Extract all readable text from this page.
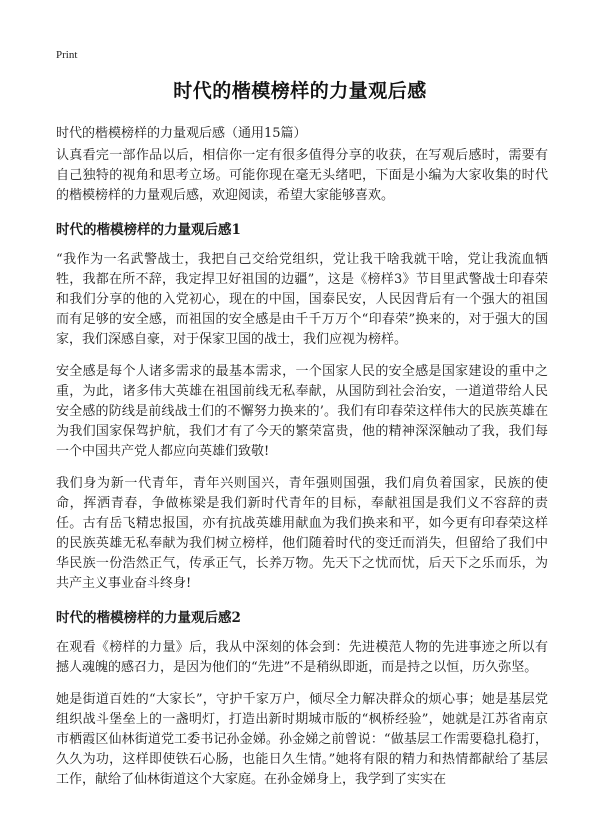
Print
时代的楷模榜样的力量观后感
时代的楷模榜样的力量观后感（通用15篇）

认真看完一部作品以后，相信你一定有很多值得分享的收获，在写观后感时，需要有自己独特的视角和思考立场。可能你现在毫无头绪吧，下面是小编为大家收集的时代的楷模榜样的力量观后感，欢迎阅读，希望大家能够喜欢。

时代的楷模榜样的力量观后感1

“我作为一名武警战士，我把自己交给党组织，党让我干啥我就干啥，党让我流血牺牲，我都在所不辞，我定捍卫好祖国的边疆”，这是《榜样3》节目里武警战士印春荣和我们分享的他的入党初心，现在的中国，国泰民安，人民因背后有一个强大的祖国而有足够的安全感，而祖国的安全感是由千千万万个“印春荣”换来的，对于强大的国家，我们深感自豪，对于保家卫国的战士，我们应视为榜样。

安全感是每个人诸多需求的最基本需求，一个国家人民的安全感是国家建设的重中之重，为此，诸多伟大英雄在祖国前线无私奉献，从国防到社会治安，一道道带给人民安全感的防线是前线战士们的不懈努力换来的’。我们有印春荣这样伟大的民族英雄在为我们国家保驾护航，我们才有了今天的繁荣富贵，他的精神深深触动了我，我们每一个中国共产党人都应向英雄们致敬!

我们身为新一代青年，青年兴则国兴，青年强则国强，我们肩负着国家，民族的使命，挥洒青春，争做栋梁是我们新时代青年的目标，奉献祖国是我们义不容辞的责任。古有岳飞精忠报国，亦有抗战英雄用献血为我们换来和平，如今更有印春荣这样的民族英雄无私奉献为我们树立榜样，他们随着时代的变迁而消失，但留给了我们中华民族一份浩然正气，传承正气，长养万物。先天下之忧而忧，后天下之乐而乐，为共产主义事业奋斗终身!

时代的楷模榜样的力量观后感2

在观看《榜样的力量》后，我从中深刻的体会到：先进模范人物的先进事迹之所以有撼人魂魄的感召力，是因为他们的“先进”不是稍纵即逝，而是持之以恒，历久弥坚。

她是街道百姓的“大家长”，守护千家万户，倾尽全力解决群众的烦心事；她是基层党组织战斗堡垒上的一盏明灯，打造出新时期城市版的“枫桥经验”，她就是江苏省南京市栖霞区仙林街道党工委书记孙金娣。孙金娣之前曾说：“做基层工作需要稳扎稳打，久久为功，这样即使铁石心肠，也能日久生情。”她将有限的精力和热情都献给了基层工作，献给了仙林街道这个大家庭。在孙金娣身上，我学到了实实在
